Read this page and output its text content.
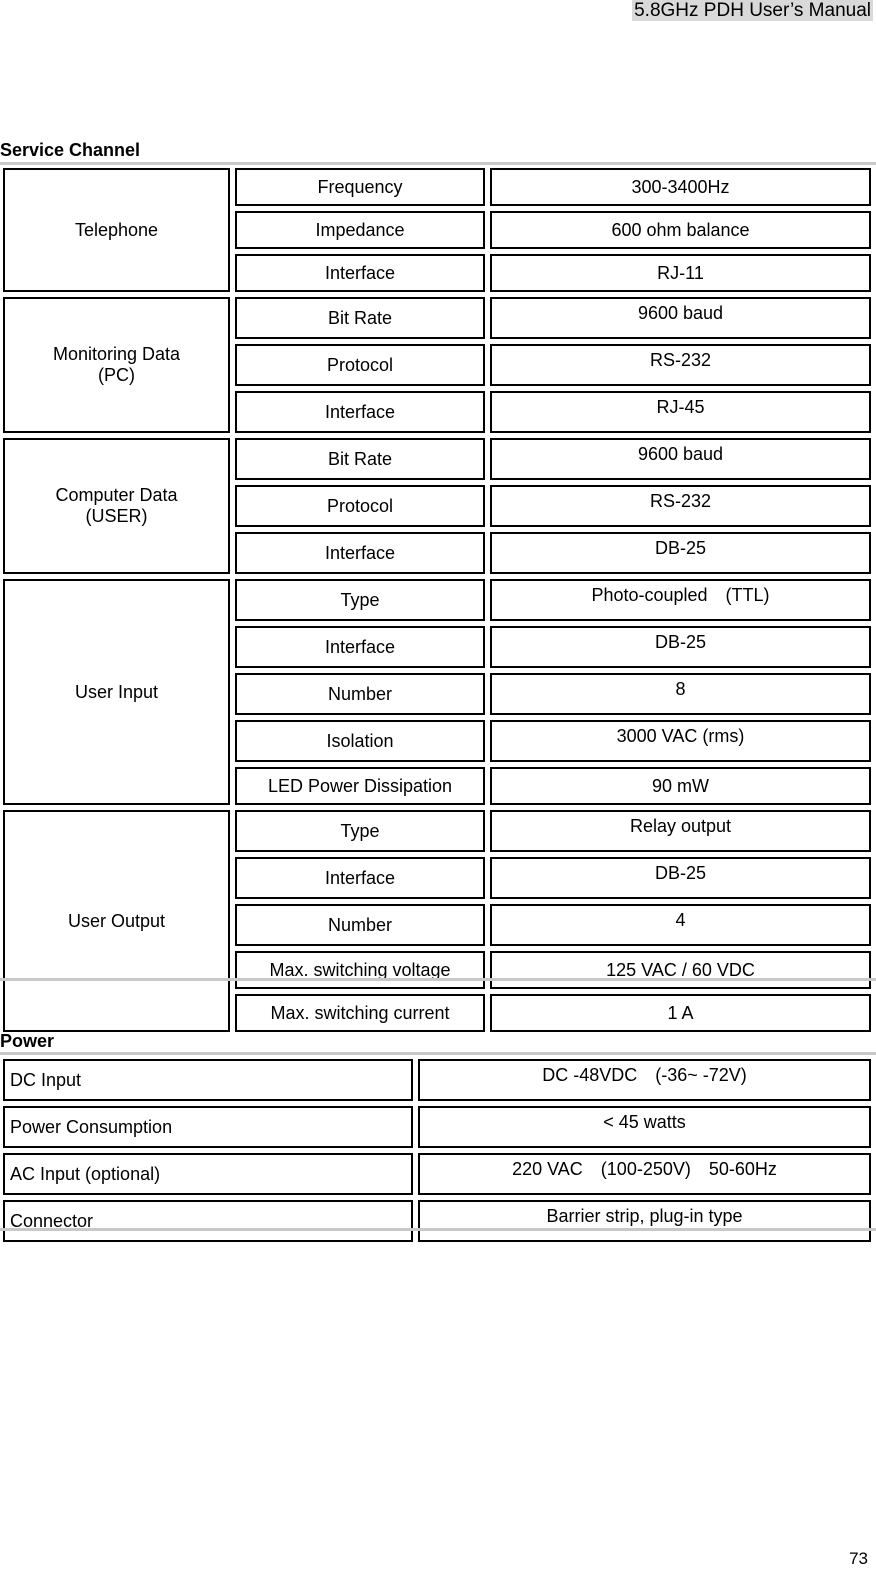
5.8GHz PDH User’s Manual
Service Channel
Telephone	Frequency	300-3400Hz
	Impedance	600 ohm balance
	Interface	RJ-11
Monitoring Data (PC)	Bit Rate	9600 baud
	Protocol	RS-232
	Interface	RJ-45
Computer Data (USER)	Bit Rate	9600 baud
	Protocol	RS-232
	Interface	DB-25
User Input	Type	Photo-coupled　(TTL)
	Interface	DB-25
	Number	8
	Isolation	3000 VAC (rms)
	LED Power Dissipation	90 mW
User Output	Type	Relay output
	Interface	DB-25
	Number	4
	Max. switching voltage	125 VAC / 60 VDC
	Max. switching current	1 A
Power
DC Input	DC -48VDC　(-36~ -72V)
Power Consumption	< 45 watts
AC Input (optional)	220 VAC　(100-250V)　50-60Hz
Connector	Barrier strip, plug-in type
73
